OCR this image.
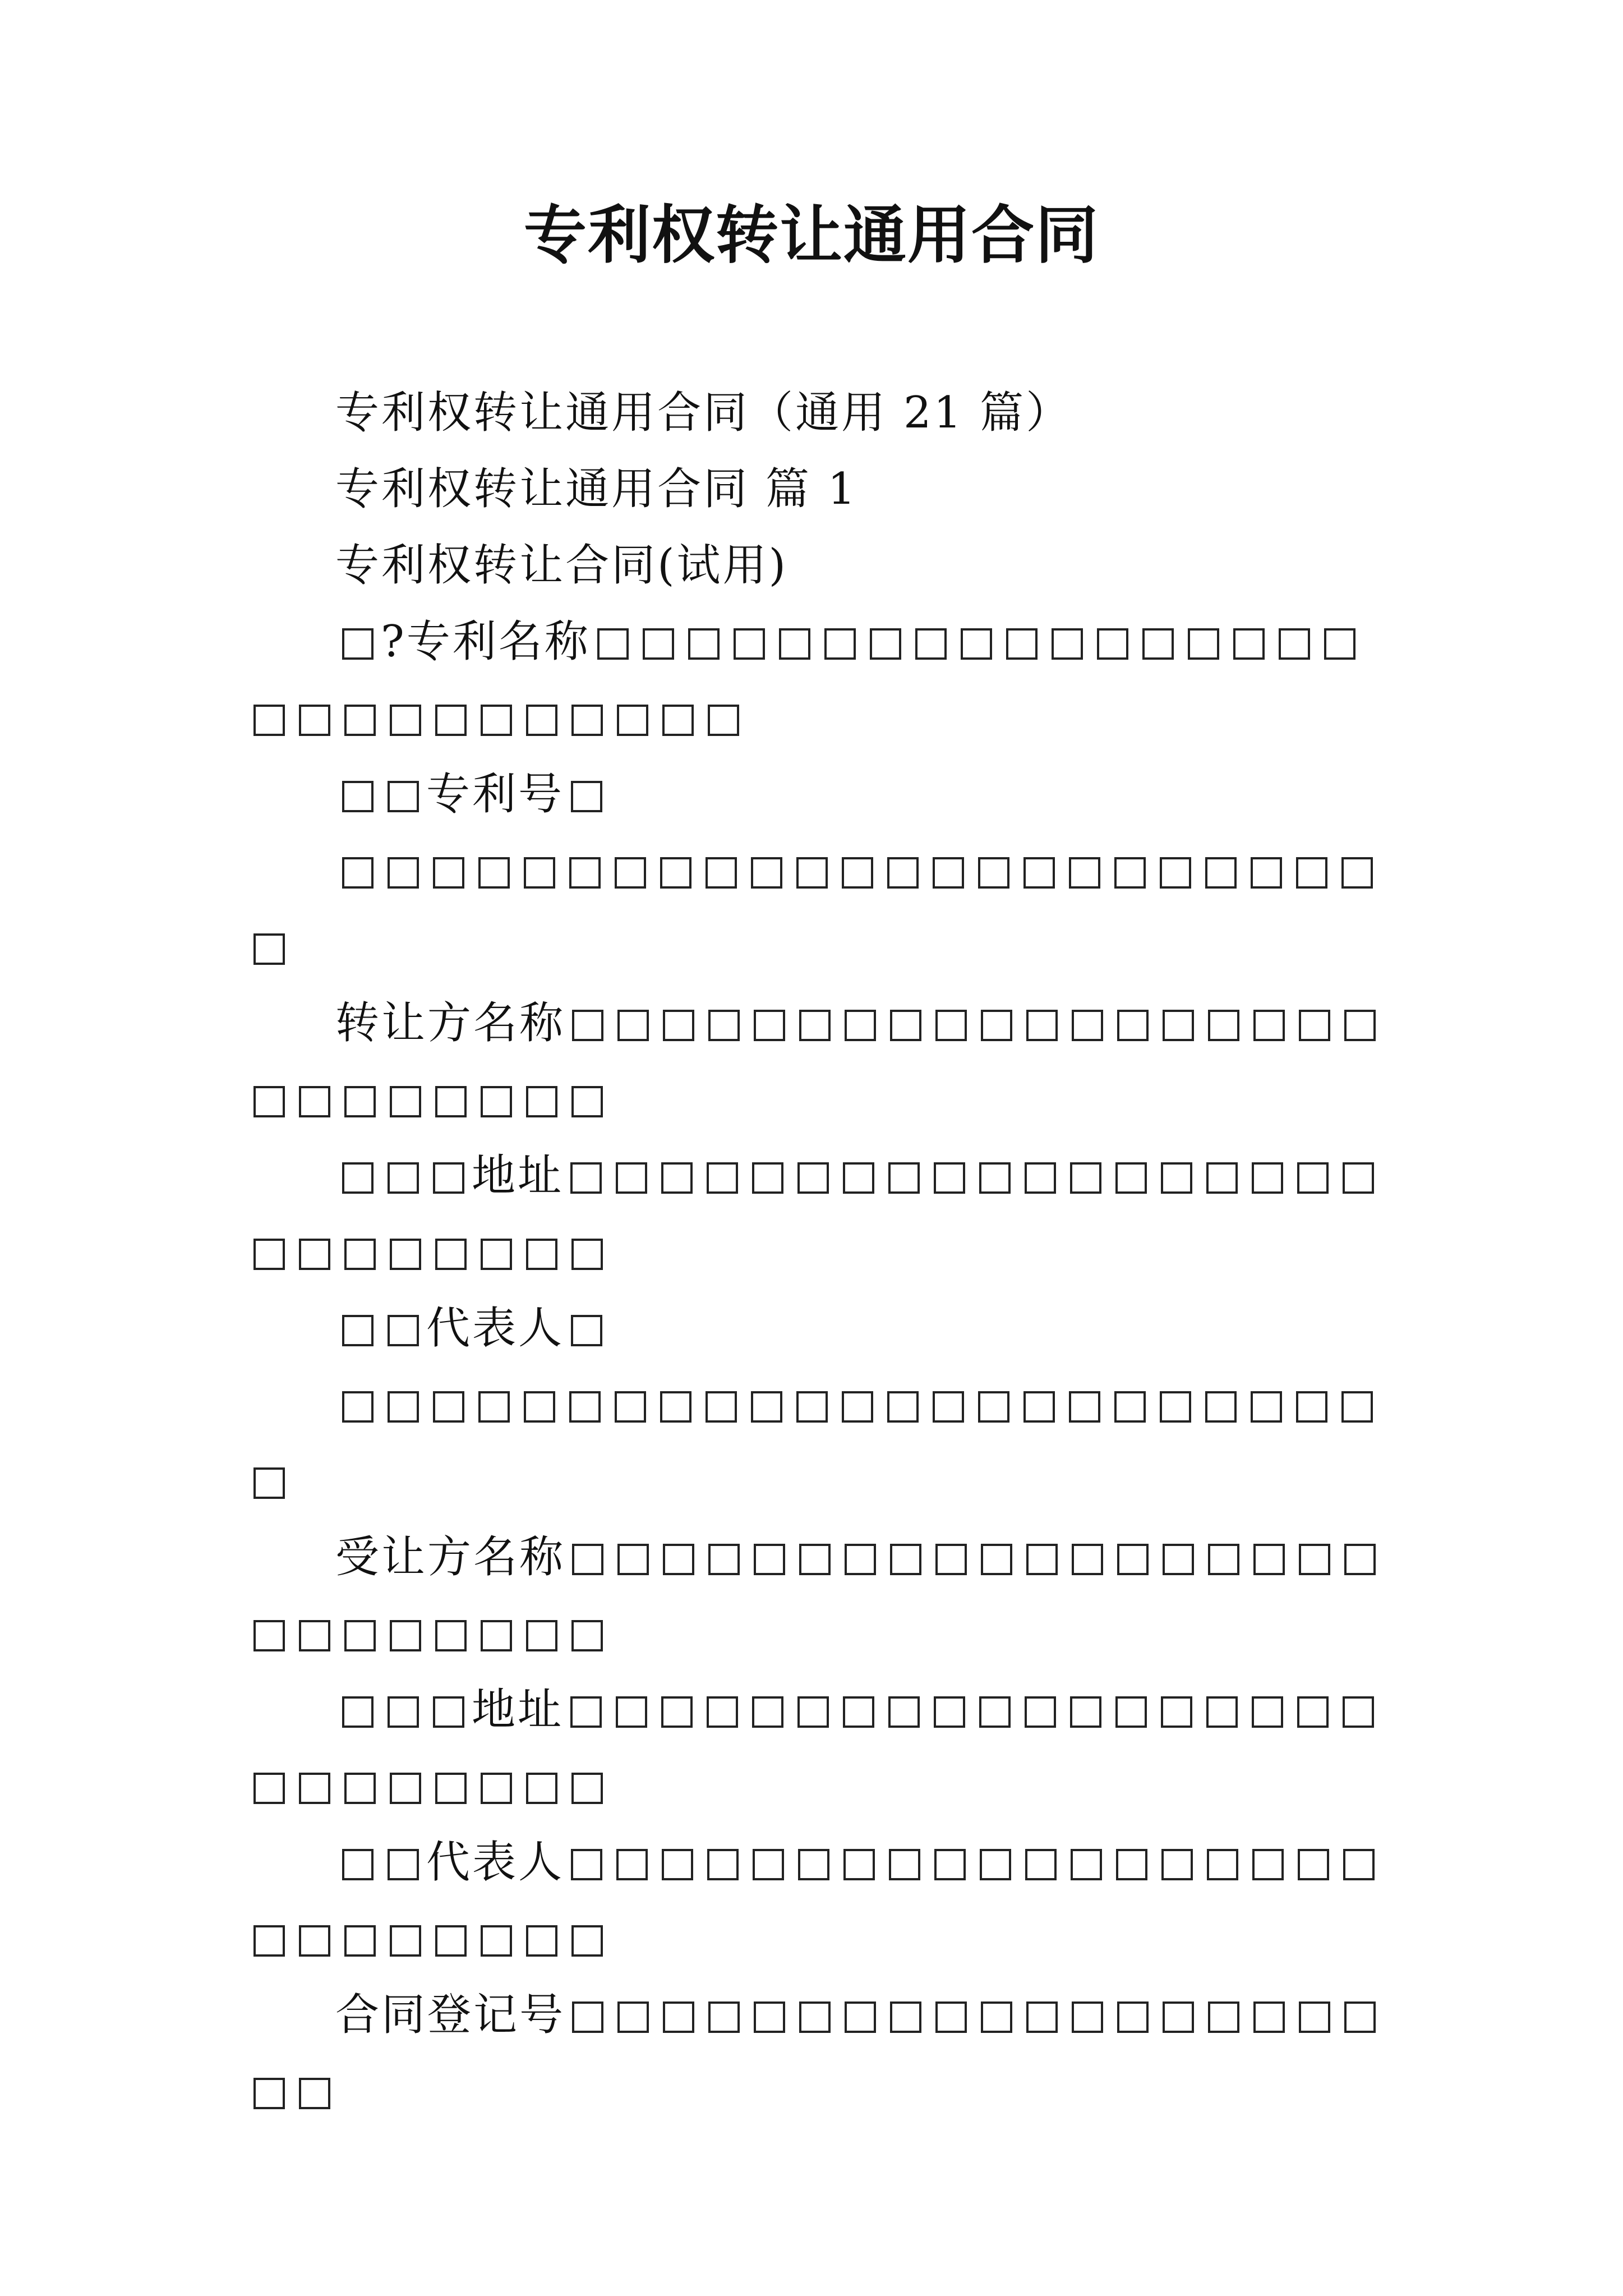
专利权转让通用合同

专利权转让通用合同（通用 21 篇）

专利权转让通用合同 篇 1

专利权转让合同(试用)

?专利名称

专利号

转让方名称

地址

代表人

受让方名称

地址

代表人

合同登记号
